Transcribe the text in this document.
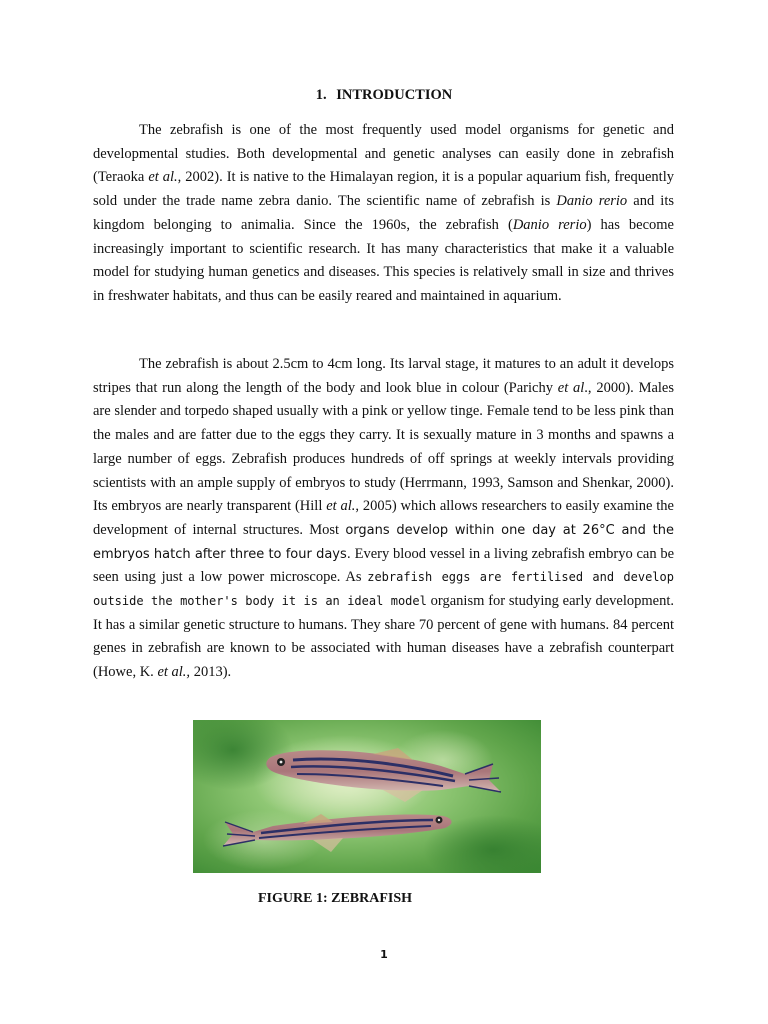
1. INTRODUCTION

The zebrafish is one of the most frequently used model organisms for genetic and developmental studies. Both developmental and genetic analyses can easily done in zebrafish (Teraoka et al., 2002). It is native to the Himalayan region, it is a popular aquarium fish, frequently sold under the trade name zebra danio. The scientific name of zebrafish is Danio rerio and its kingdom belonging to animalia. Since the 1960s, the zebrafish (Danio rerio) has become increasingly important to scientific research. It has many characteristics that make it a valuable model for studying human genetics and diseases. This species is relatively small in size and thrives in freshwater habitats, and thus can be easily reared and maintained in aquarium.

The zebrafish is about 2.5cm to 4cm long. Its larval stage, it matures to an adult it develops stripes that run along the length of the body and look blue in colour (Parichy et al., 2000). Males are slender and torpedo shaped usually with a pink or yellow tinge. Female tend to be less pink than the males and are fatter due to the eggs they carry. It is sexually mature in 3 months and spawns a large number of eggs. Zebrafish produces hundreds of off springs at weekly intervals providing scientists with an ample supply of embryos to study (Herrmann, 1993, Samson and Shenkar, 2000). Its embryos are nearly transparent (Hill et al., 2005) which allows researchers to easily examine the development of internal structures. Most organs develop within one day at 26°C and the embryos hatch after three to four days. Every blood vessel in a living zebrafish embryo can be seen using just a low power microscope. As zebrafish eggs are fertilised and develop outside the mother's body it is an ideal model organism for studying early development. It has a similar genetic structure to humans. They share 70 percent of gene with humans. 84 percent genes in zebrafish are known to be associated with human diseases have a zebrafish counterpart (Howe, K. et al., 2013).

FIGURE 1: ZEBRAFISH
1
